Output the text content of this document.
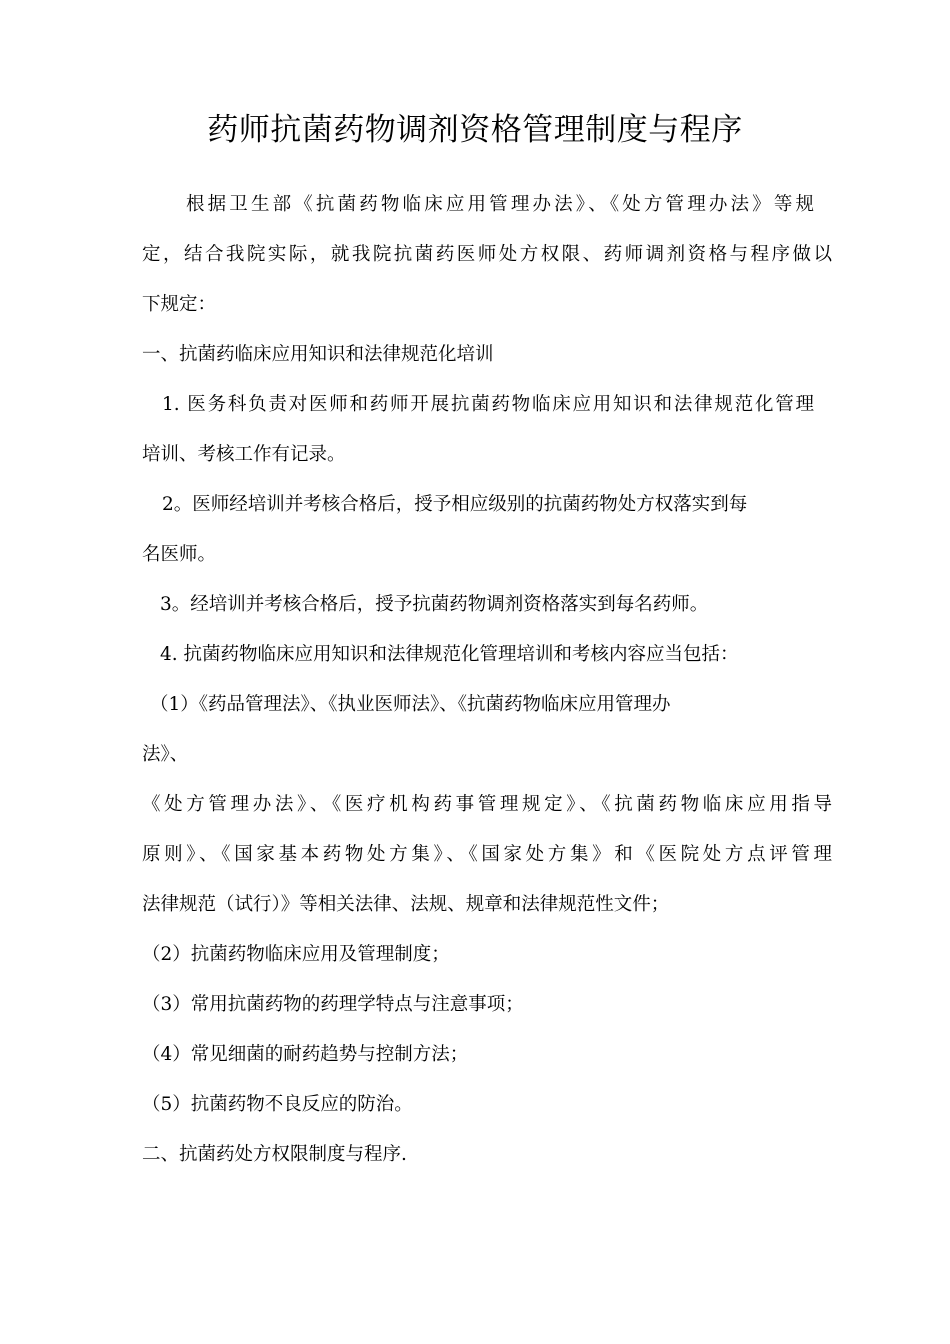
药师抗菌药物调剂资格管理制度与程序
根据卫生部《抗菌药物临床应用管理办法》、《处方管理办法》等规
定，结合我院实际，就我院抗菌药医师处方权限、药师调剂资格与程序做以
下规定：
一、抗菌药临床应用知识和法律规范化培训
1. 医务科负责对医师和药师开展抗菌药物临床应用知识和法律规范化管理
培训、考核工作有记录。
2。医师经培训并考核合格后，授予相应级别的抗菌药物处方权落实到每
名医师。
3。经培训并考核合格后，授予抗菌药物调剂资格落实到每名药师。
4. 抗菌药物临床应用知识和法律规范化管理培训和考核内容应当包括：
（1）《药品管理法》、《执业医师法》、《抗菌药物临床应用管理办
法》、
《处方管理办法》、《医疗机构药事管理规定》、《抗菌药物临床应用指导
原则》、《国家基本药物处方集》、《国家处方集》和《医院处方点评管理
法律规范（试行）》等相关法律、法规、规章和法律规范性文件；
（2）抗菌药物临床应用及管理制度；
（3）常用抗菌药物的药理学特点与注意事项；
（4）常见细菌的耐药趋势与控制方法；
（5）抗菌药物不良反应的防治。
二、抗菌药处方权限制度与程序.
